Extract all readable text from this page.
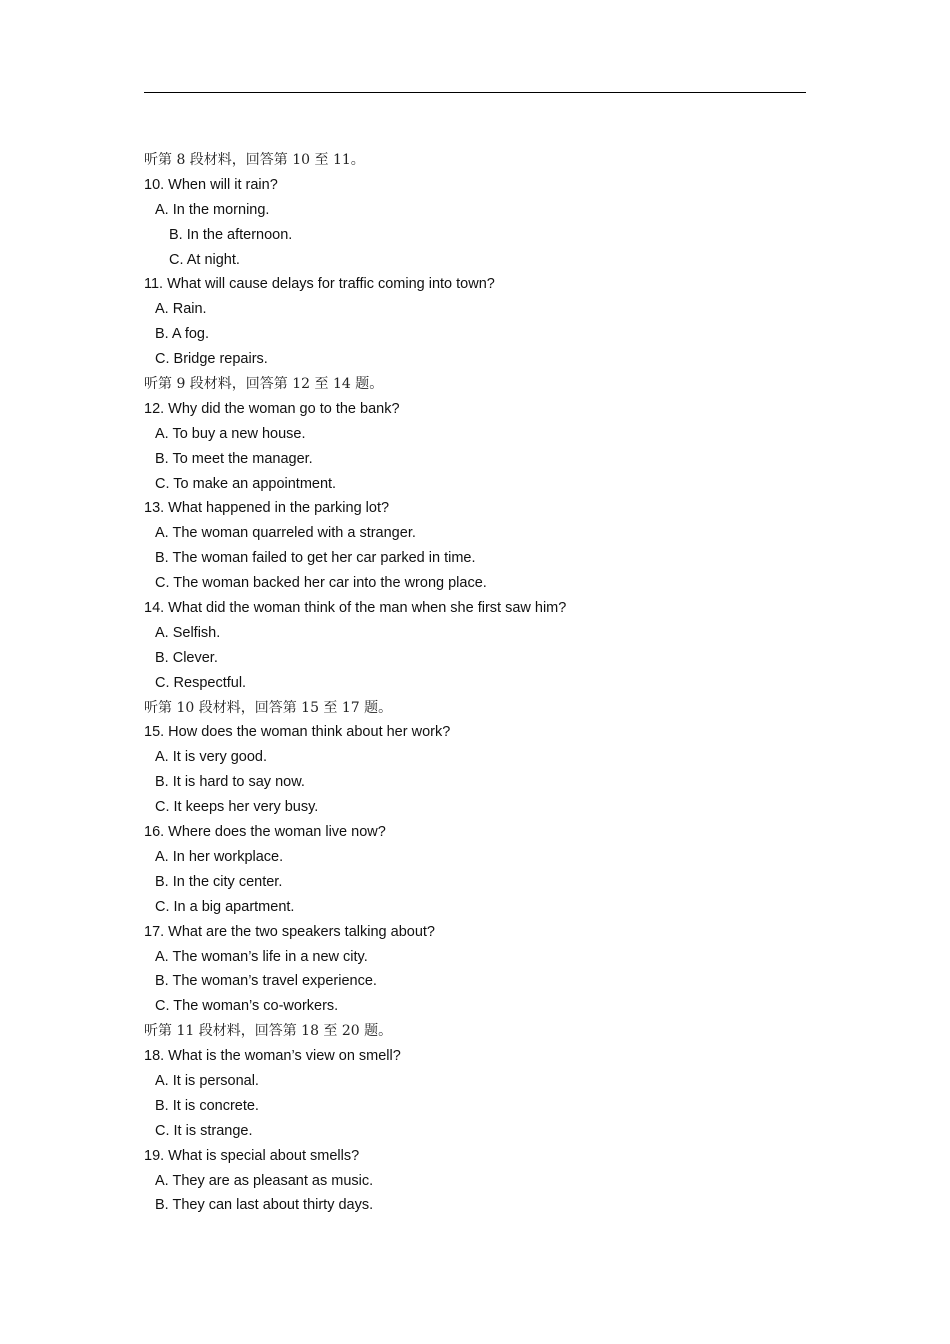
听第 8 段材料，回答第 10 至 11。
10. When will it rain?
A. In the morning.
B. In the afternoon.
C. At night.
11. What will cause delays for traffic coming into town?
A. Rain.
B. A fog.
C. Bridge repairs.
听第 9 段材料，回答第 12 至 14 题。
12. Why did the woman go to the bank?
A. To buy a new house.
B. To meet the manager.
C. To make an appointment.
13. What happened in the parking lot?
A. The woman quarreled with a stranger.
B. The woman failed to get her car parked in time.
C. The woman backed her car into the wrong place.
14. What did the woman think of the man when she first saw him?
A. Selfish.
B. Clever.
C. Respectful.
听第 10 段材料，回答第 15 至 17 题。
15. How does the woman think about her work?
A. It is very good.
B. It is hard to say now.
C. It keeps her very busy.
16. Where does the woman live now?
A. In her workplace.
B. In the city center.
C. In a big apartment.
17. What are the two speakers talking about?
A. The woman’s life in a new city.
B. The woman’s travel experience.
C. The woman’s co-workers.
听第 11 段材料，回答第 18 至 20 题。
18. What is the woman’s view on smell?
A. It is personal.
B. It is concrete.
C. It is strange.
19. What is special about smells?
A. They are as pleasant as music.
B. They can last about thirty days.
